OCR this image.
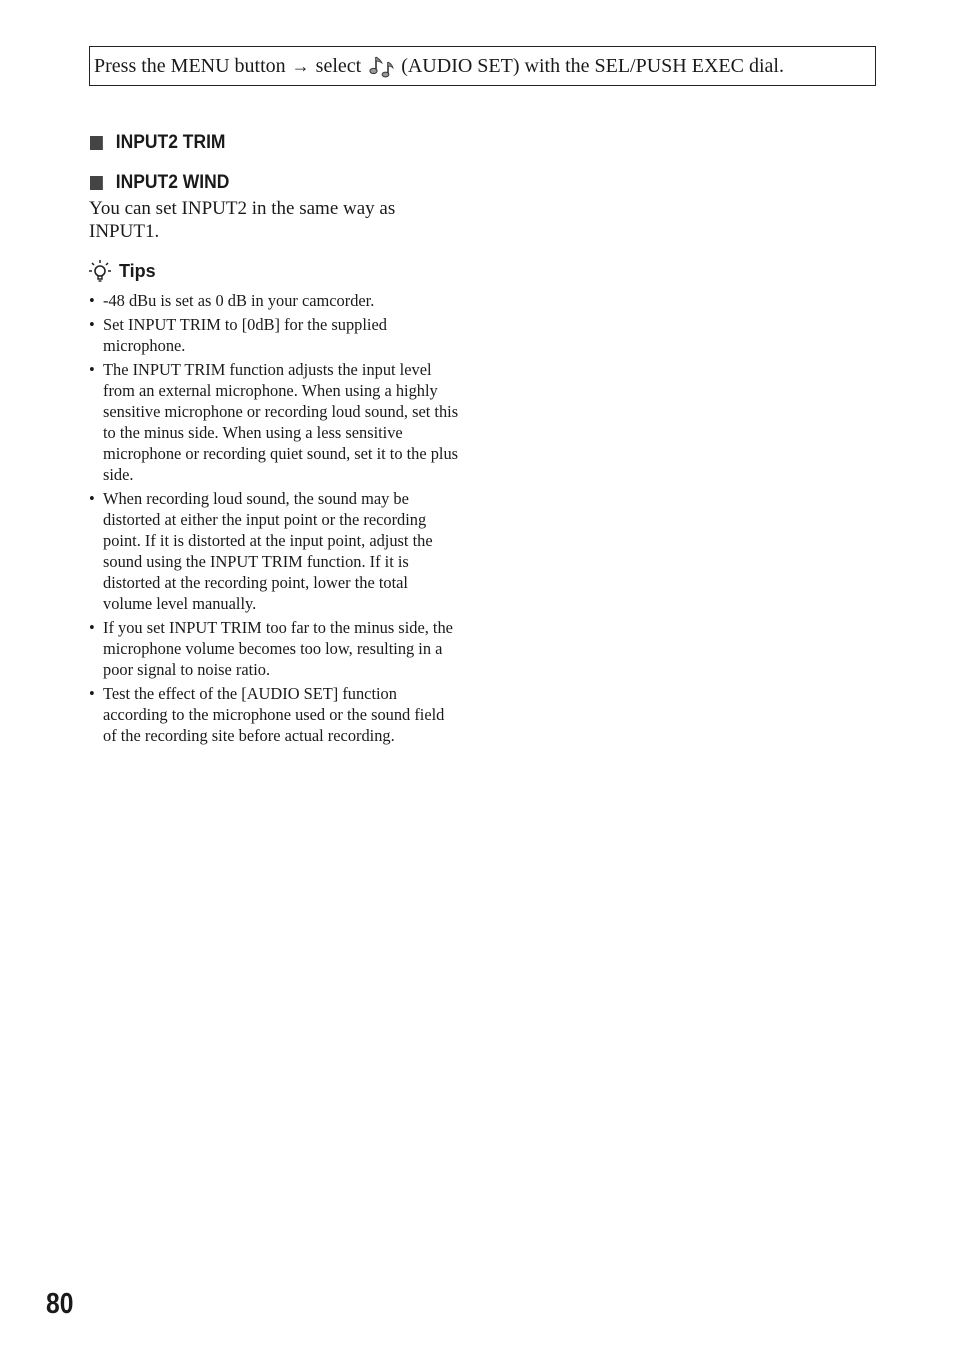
Press the MENU button → select (AUDIO SET) with the SEL/PUSH EXEC dial.
INPUT2 TRIM
INPUT2 WIND
You can set INPUT2 in the same way as INPUT1.
Tips
• -48 dBu is set as 0 dB in your camcorder.
• Set INPUT TRIM to [0dB] for the supplied microphone.
• The INPUT TRIM function adjusts the input level from an external microphone. When using a highly sensitive microphone or recording loud sound, set this to the minus side. When using a less sensitive microphone or recording quiet sound, set it to the plus side.
• When recording loud sound, the sound may be distorted at either the input point or the recording point. If it is distorted at the input point, adjust the sound using the INPUT TRIM function. If it is distorted at the recording point, lower the total volume level manually.
• If you set INPUT TRIM too far to the minus side, the microphone volume becomes too low, resulting in a poor signal to noise ratio.
• Test the effect of the [AUDIO SET] function according to the microphone used or the sound field of the recording site before actual recording.
80
